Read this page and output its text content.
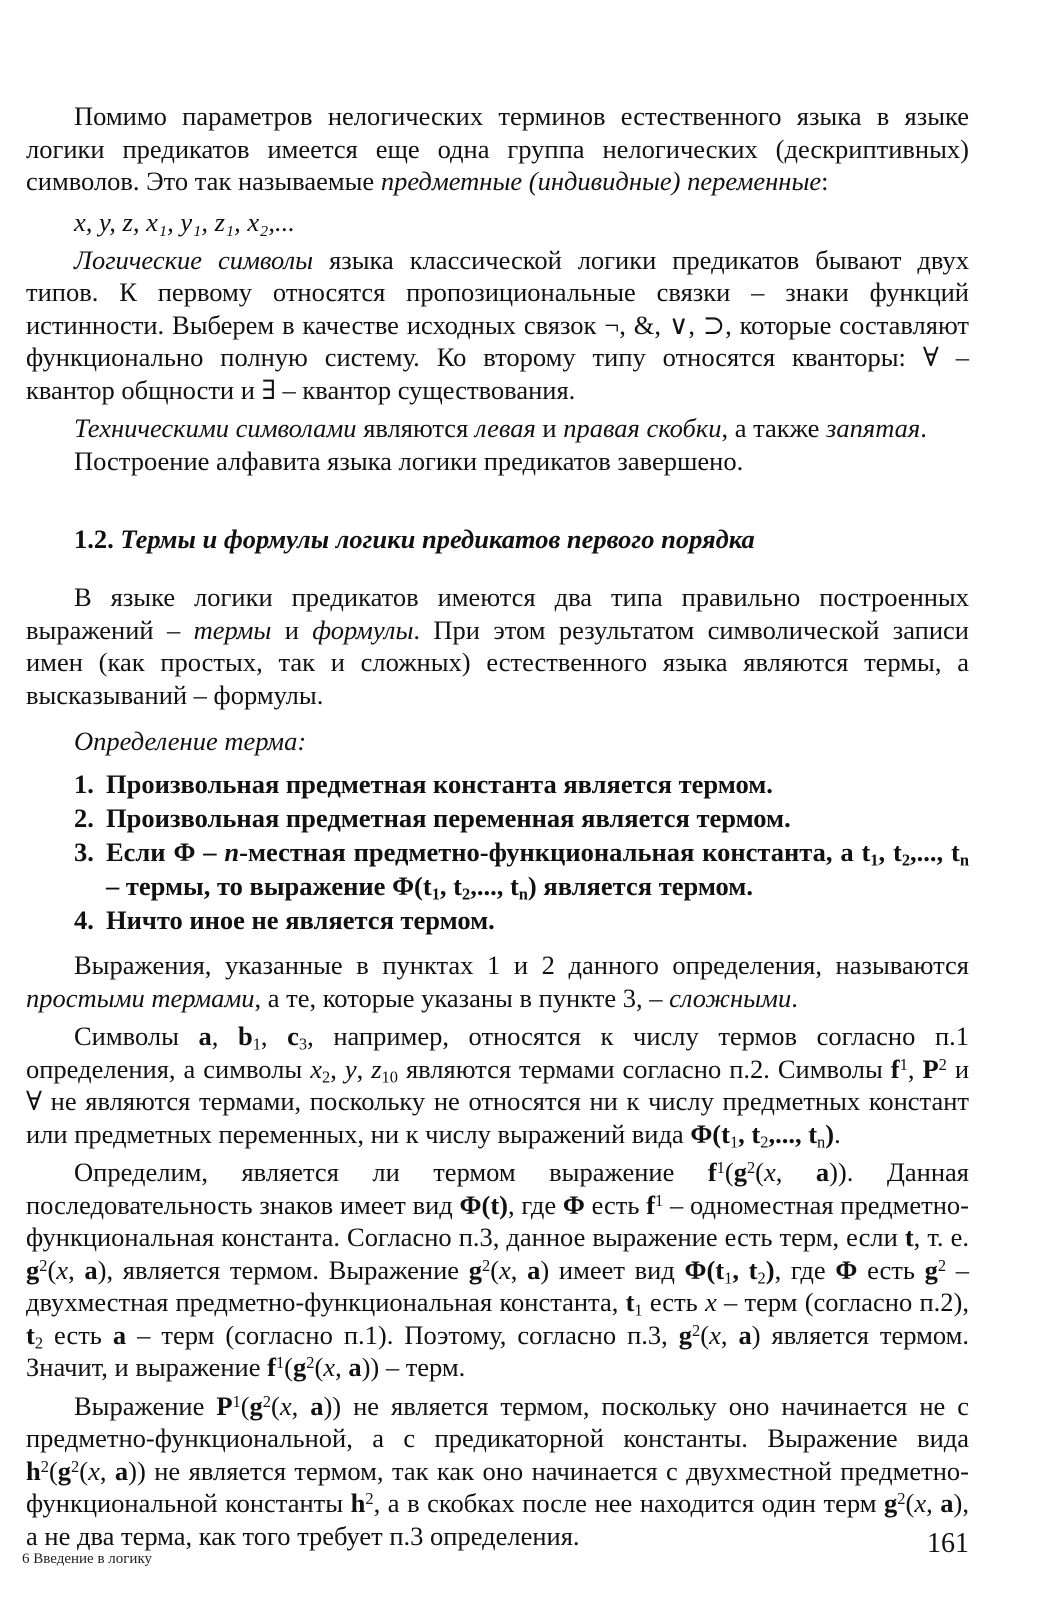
Помимо параметров нелогических терминов естественного языка в языке логики предикатов имеется еще одна группа нелогических (дескриптивных) символов. Это так называемые предметные (индивидные) переменные:

x, y, z, x₁, y₁, z₁, x₂,...

Логические символы языка классической логики предикатов бывают двух типов. К первому относятся пропозициональные связки – знаки функций истинности. Выберем в качестве исходных связок ¬, &, ∨, ⊃, которые составляют функционально полную систему. Ко второму типу относятся кванторы: ∀ – квантор общности и ∃ – квантор существования.

Техническими символами являются левая и правая скобки, а также запятая.

Построение алфавита языка логики предикатов завершено.

1.2. Термы и формулы логики предикатов первого порядка

В языке логики предикатов имеются два типа правильно построенных выражений – термы и формулы. При этом результатом символической записи имен (как простых, так и сложных) естественного языка являются термы, а высказываний – формулы.

Определение терма:
1. Произвольная предметная константа является термом.
2. Произвольная предметная переменная является термом.
3. Если Φ – n-местная предметно-функциональная константа, а $t_1$, $t_2$,..., $t_n$ – термы, то выражение $\Phi(t_1$, $t_2$,..., $t_n$) является термом.
4. Ничто иное не является термом.

Выражения, указанные в пунктах 1 и 2 данного определения, называются простыми термами, а те, которые указаны в пункте 3, – сложными.

Символы a, $b_1$, $c_3$, например, относятся к числу термов согласно п.1 определения, а символы $x_2$, y, $z_{10}$ являются термами согласно п.2. Символы $f^1$, $P^2$ и ∀ не являются термами, поскольку не относятся ни к числу предметных констант или предметных переменных, ни к числу выражений вида $\Phi(t_1$, $t_2$,..., $t_n$).

Определим, является ли термом выражение $f^1(g^2(x$, a)). Данная последовательность знаков имеет вид Φ(t), где Φ есть $f^1$ – одноместная предметно-функциональная константа. Согласно п.3, данное выражение есть терм, если t, т. е. $g^2(x$, a), является термом. Выражение $g^2(x$, a) имеет вид $\Phi(t_1$, $t_2$), где Φ есть $g^2$ – двухместная предметно-функциональная константа, $t_1$ есть x – терм (согласно п.2), $t_2$ есть a – терм (согласно п.1). Поэтому, согласно п.3, $g^2(x$, a) является термом. Значит, и выражение $f^1(g^2(x$, a)) – терм.

Выражение $P^1(g^2(x$, a)) не является термом, поскольку оно начинается не с предметно-функциональной, а с предикаторной константы. Выражение вида $h^2(g^2(x$, a)) не является термом, так как оно начинается с двухместной предметно-функциональной константы $h^2$, а в скобках после нее находится один терм $g^2(x$, a), а не два терма, как того требует п.3 определения.

6 Введение в логику	161
